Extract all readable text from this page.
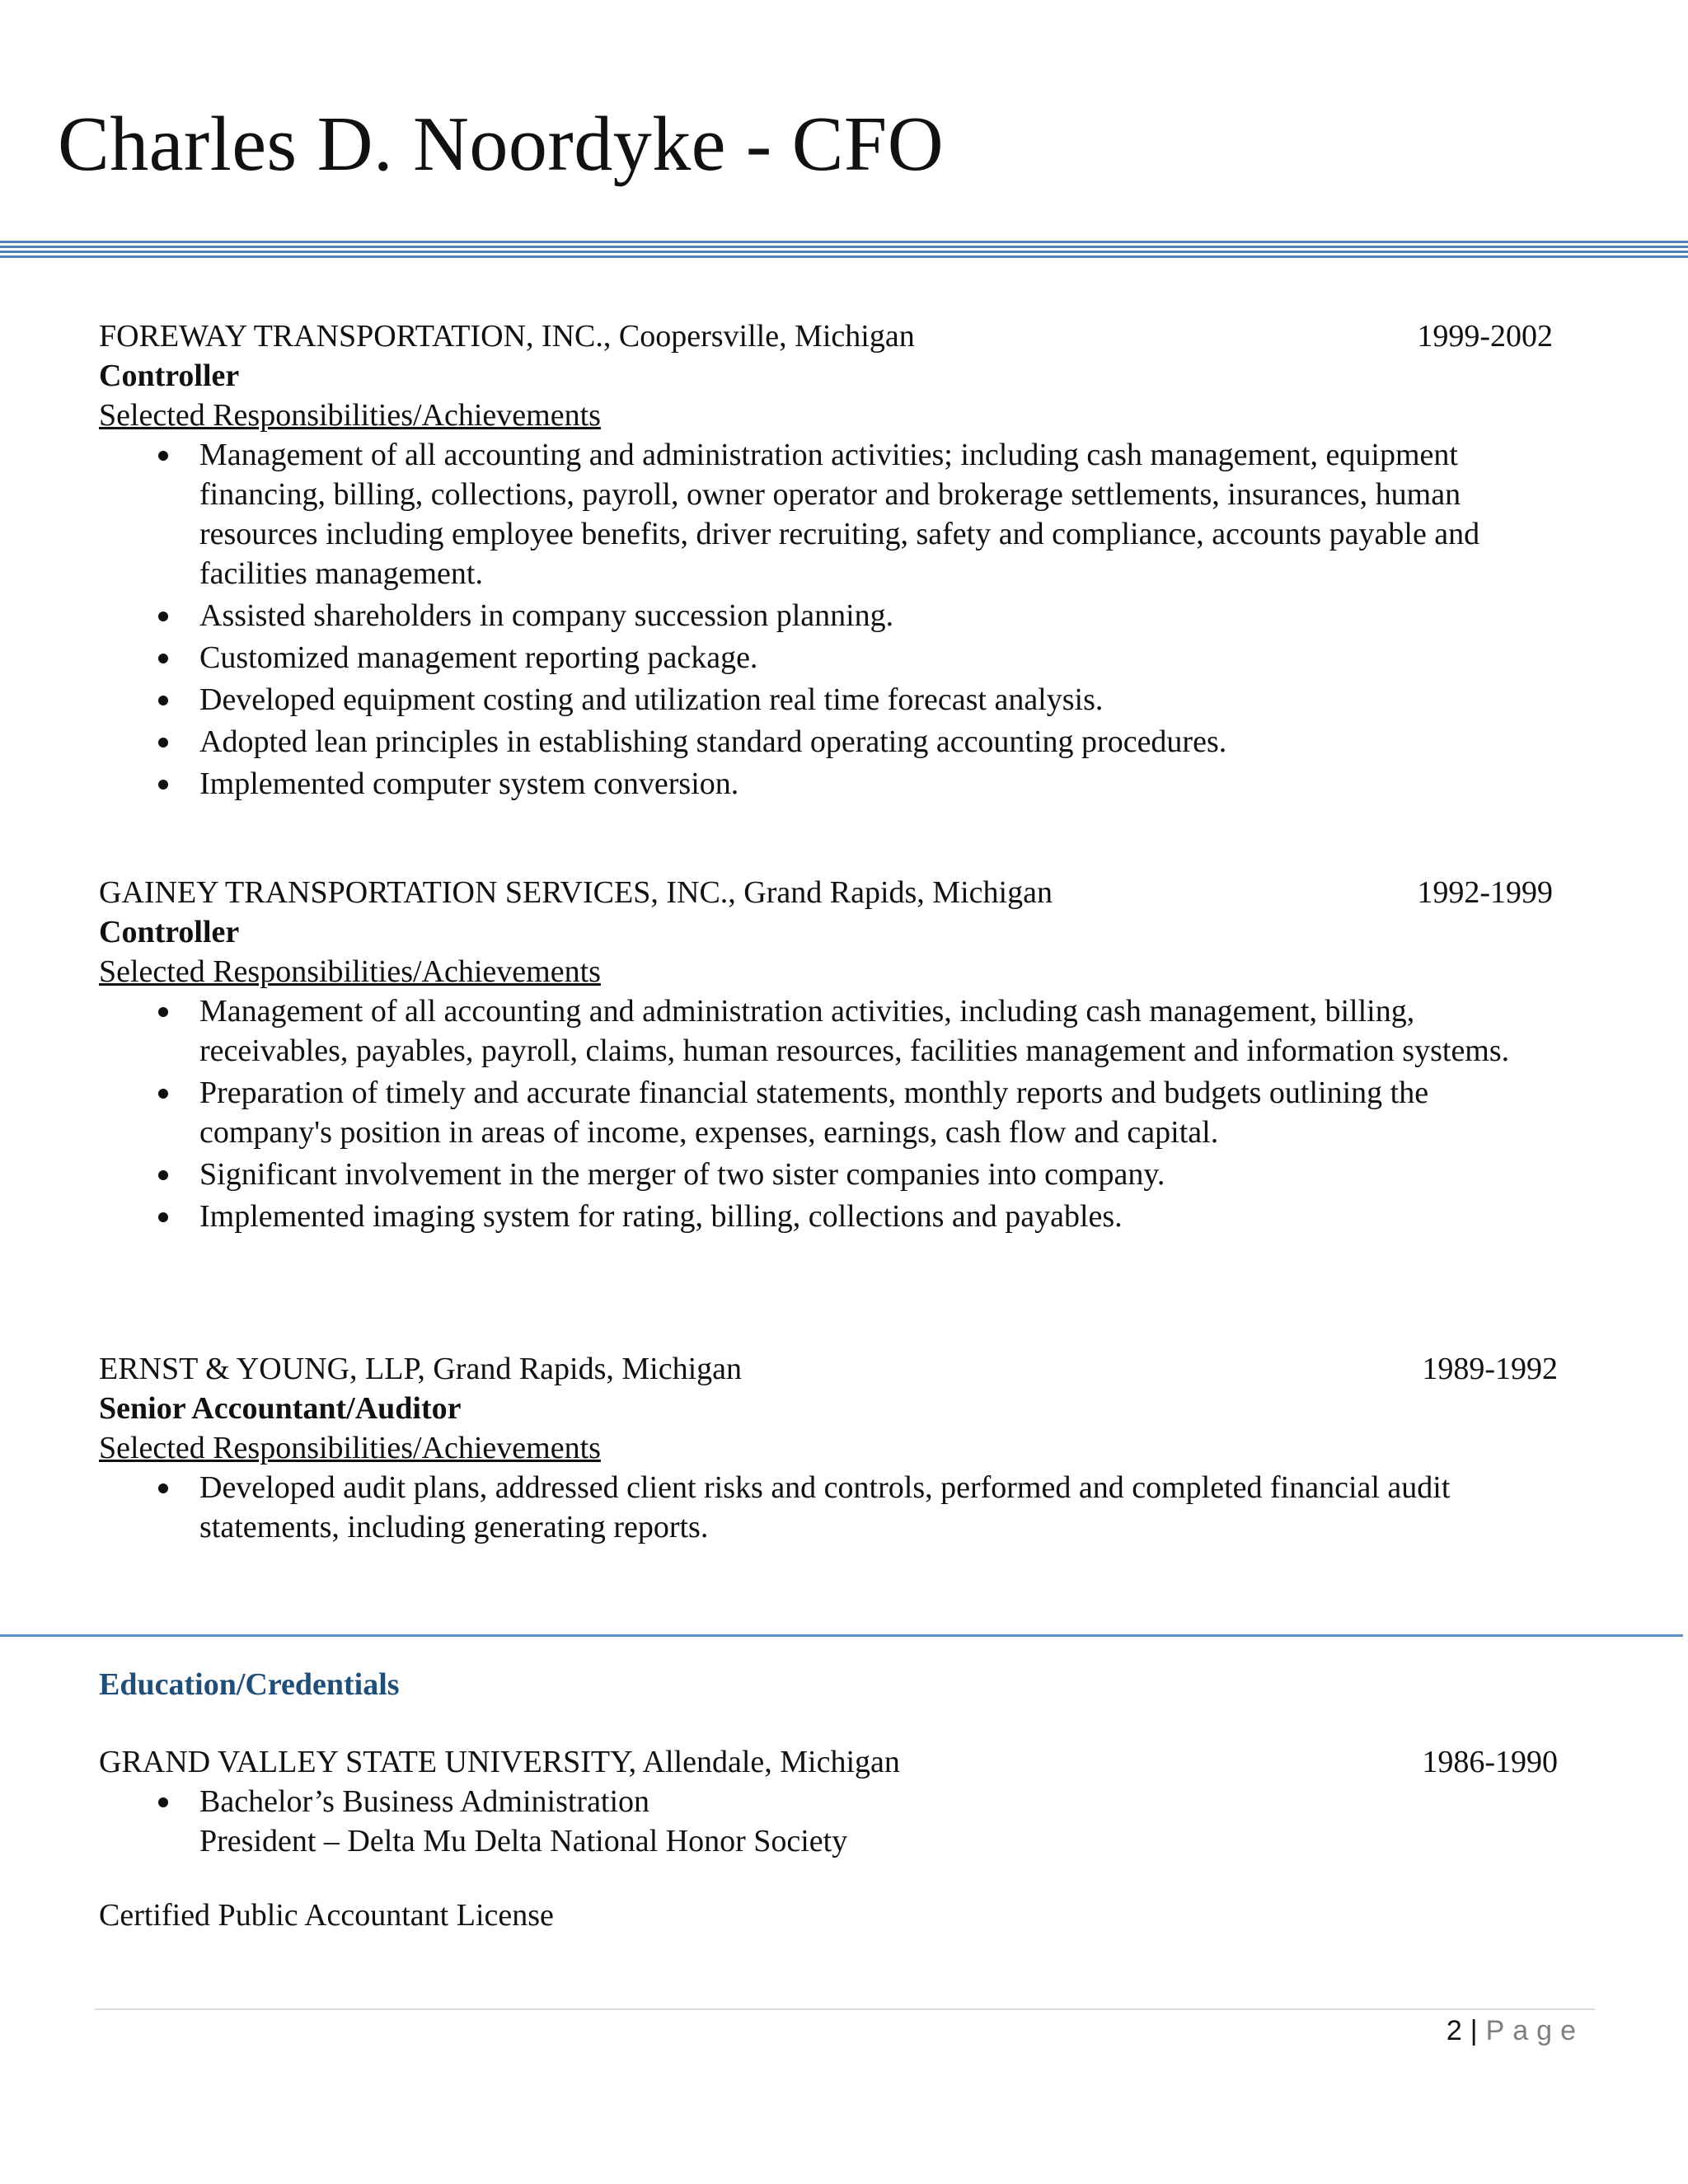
Charles D. Noordyke - CFO
FOREWAY TRANSPORTATION, INC., Coopersville, Michigan	1999-2002
Controller
Selected Responsibilities/Achievements
Management of all accounting and administration activities; including cash management, equipment financing, billing, collections, payroll, owner operator and brokerage settlements, insurances, human resources including employee benefits, driver recruiting, safety and compliance, accounts payable and facilities management.
Assisted shareholders in company succession planning.
Customized management reporting package.
Developed equipment costing and utilization real time forecast analysis.
Adopted lean principles in establishing standard operating accounting procedures.
Implemented computer system conversion.
GAINEY TRANSPORTATION SERVICES, INC., Grand Rapids, Michigan	1992-1999
Controller
Selected Responsibilities/Achievements
Management of all accounting and administration activities, including cash management, billing, receivables, payables, payroll, claims, human resources, facilities management and information systems.
Preparation of timely and accurate financial statements, monthly reports and budgets outlining the company's position in areas of income, expenses, earnings, cash flow and capital.
Significant involvement in the merger of two sister companies into company.
Implemented imaging system for rating, billing, collections and payables.
ERNST & YOUNG, LLP, Grand Rapids, Michigan	1989-1992
Senior Accountant/Auditor
Selected Responsibilities/Achievements
Developed audit plans, addressed client risks and controls, performed and completed financial audit statements, including generating reports.
Education/Credentials
GRAND VALLEY STATE UNIVERSITY, Allendale, Michigan	1986-1990
Bachelor’s Business Administration
President – Delta Mu Delta National Honor Society
Certified Public Accountant License
2 | Page
